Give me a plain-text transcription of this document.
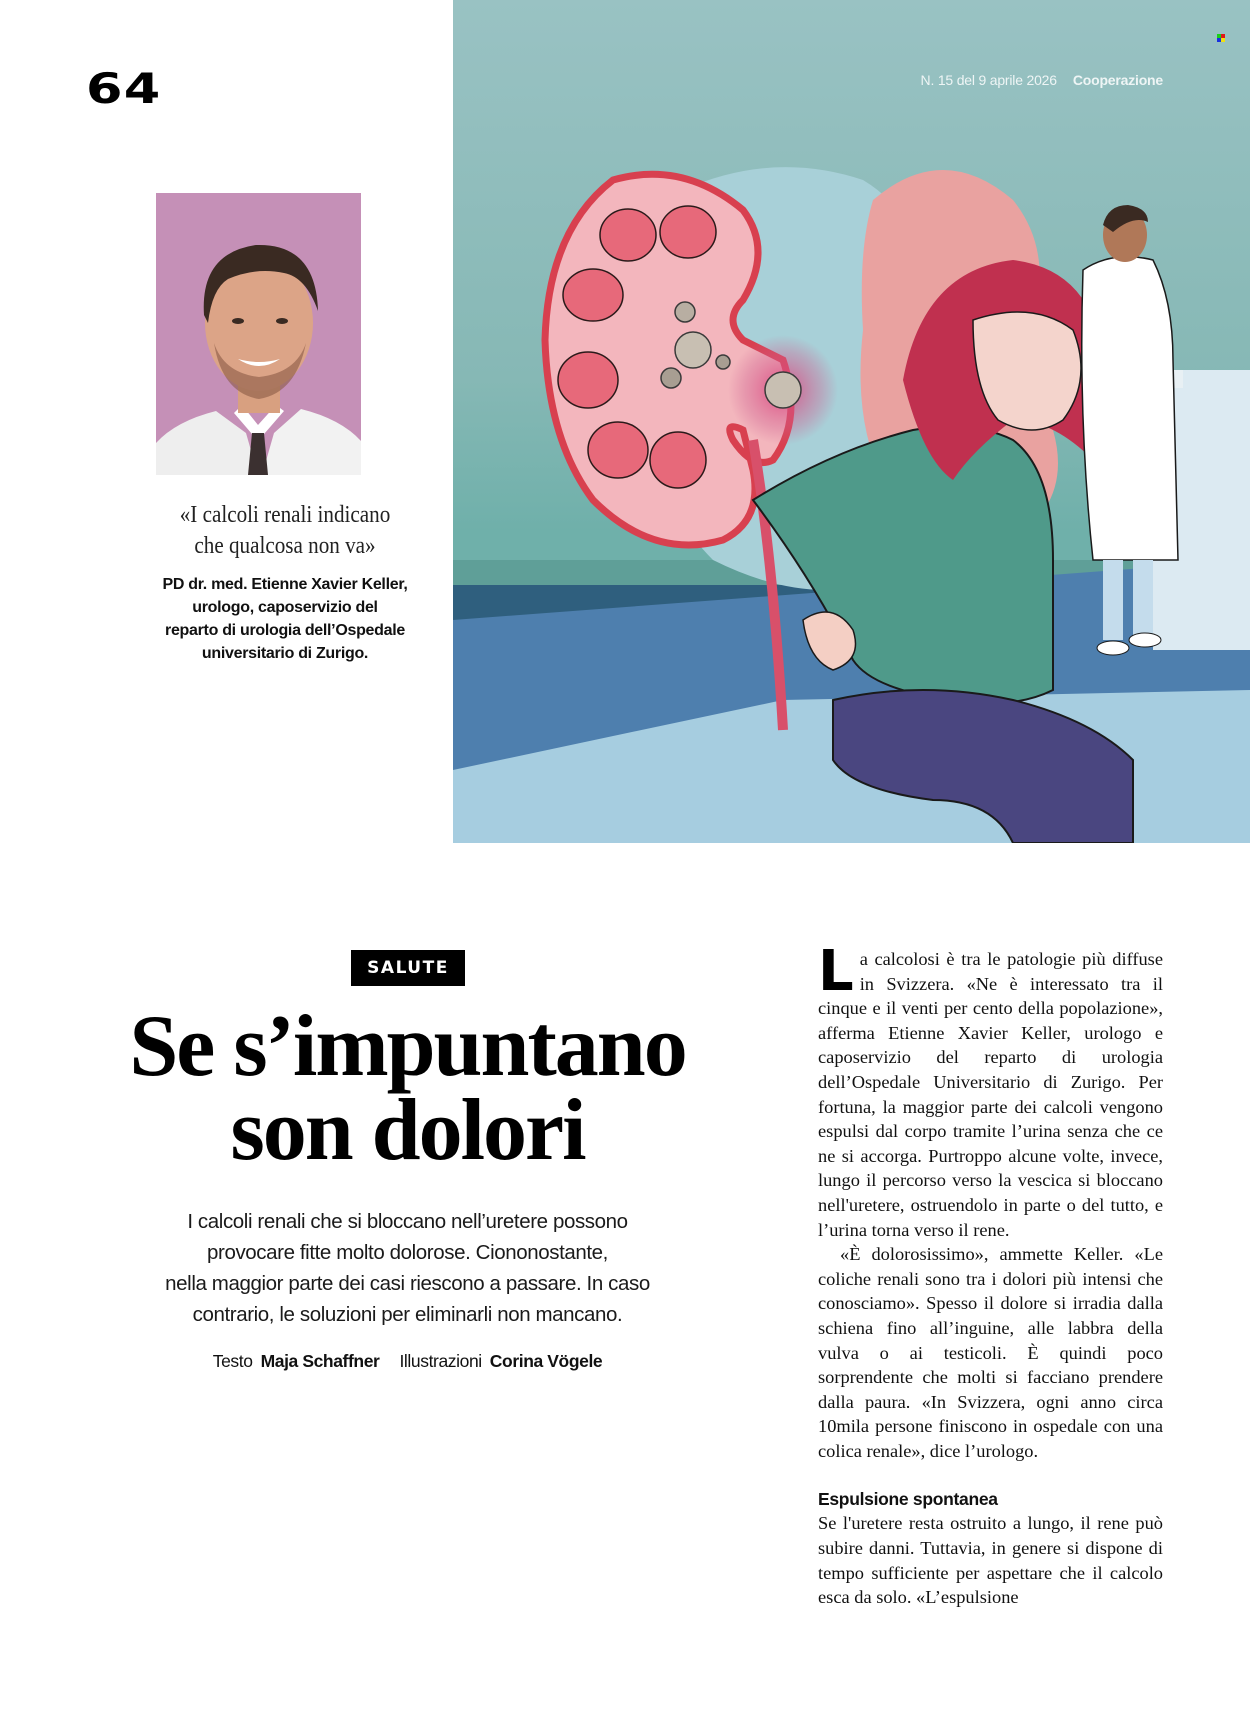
64
«I calcoli renali indicano
che qualcosa non va»
PD dr. med. Etienne Xavier Keller,
urologo, caposervizio del
reparto di urologia dell’Ospedale
universitario di Zurigo.
N. 15 del 9 aprile 2026 Cooperazione
SALUTE
Se s’impuntano
son dolori
I calcoli renali che si bloccano nell’uretere possono
provocare fitte molto dolorose. Ciononostante,
nella maggior parte dei casi riescono a passare. In caso
contrario, le soluzioni per eliminarli non mancano.
Testo Maja Schaffner Illustrazioni Corina Vögele

La calcolosi è tra le patologie più diffuse in Svizzera. «Ne è interessato tra il cinque e il venti per cento della popolazione», afferma Etienne Xavier Keller, urologo e caposervizio del reparto di urologia dell’Ospedale Universitario di Zurigo. Per fortuna, la maggior parte dei calcoli vengono espulsi dal corpo tramite l’urina senza che ce ne si accorga. Purtroppo alcune volte, invece, lungo il percorso verso la vescica si bloccano nell'uretere, ostruendolo in parte o del tutto, e l’urina torna verso il rene.

«È dolorosissimo», ammette Keller. «Le coliche renali sono tra i dolori più intensi che conosciamo». Spesso il dolore si irradia dalla schiena fino all’inguine, alle labbra della vulva o ai testicoli. È quindi poco sorprendente che molti si facciano prendere dalla paura. «In Svizzera, ogni anno circa 10mila persone finiscono in ospedale con una colica renale», dice l’urologo.

Espulsione spontanea

Se l'uretere resta ostruito a lungo, il rene può subire danni. Tuttavia, in genere si dispone di tempo sufficiente per aspettare che il calcolo esca da solo. «L’espulsione
